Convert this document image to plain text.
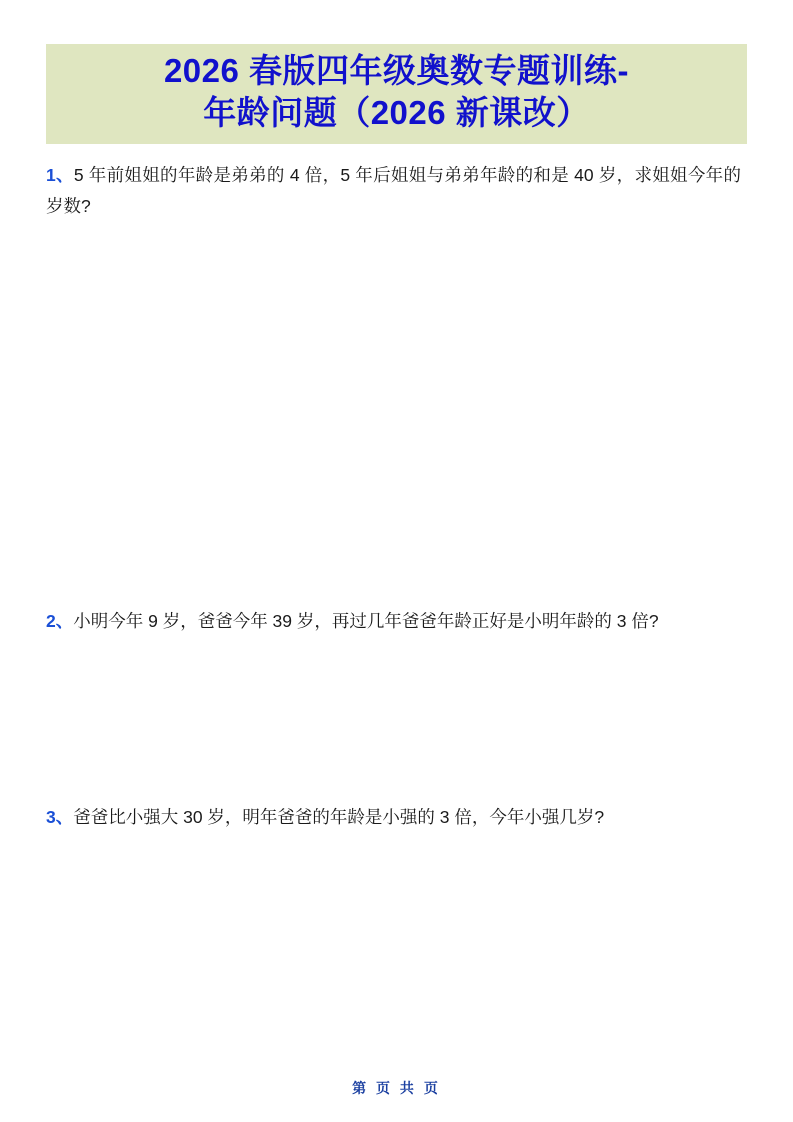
2026 春版四年级奥数专题训练-
年龄问题（2026 新课改）
1、5 年前姐姐的年龄是弟弟的 4 倍，5 年后姐姐与弟弟年龄的和是 40 岁，求姐姐今年的岁数?
2、小明今年 9 岁，爸爸今年 39 岁，再过几年爸爸年龄正好是小明年龄的 3 倍?
3、爸爸比小强大 30 岁，明年爸爸的年龄是小强的 3 倍，今年小强几岁?
第 页 共 页
